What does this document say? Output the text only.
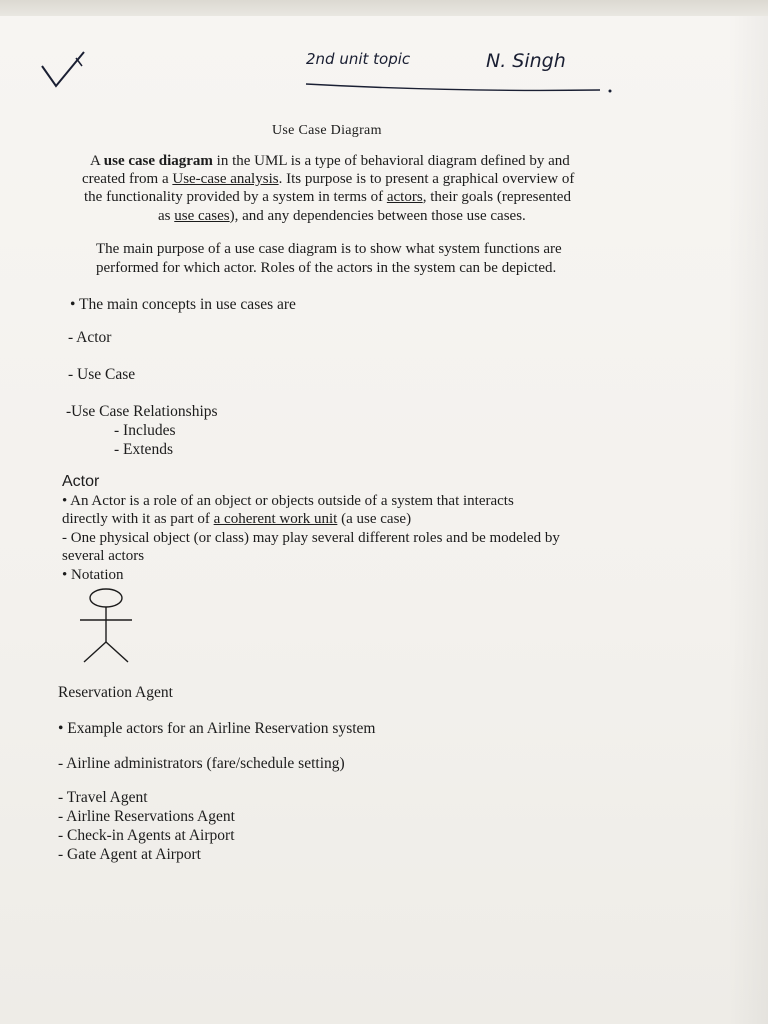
2nd unit topic	N. Singh
Use Case Diagram
A use case diagram in the UML is a type of behavioral diagram defined by and
created from a Use-case analysis. Its purpose is to present a graphical overview of
the functionality provided by a system in terms of actors, their goals (represented
as use cases), and any dependencies between those use cases.
The main purpose of a use case diagram is to show what system functions are
performed for which actor. Roles of the actors in the system can be depicted.
• The main concepts in use cases are
- Actor
- Use Case
-Use Case Relationships
- Includes
- Extends
Actor
• An Actor is a role of an object or objects outside of a system that interacts
directly with it as part of a coherent work unit (a use case)
- One physical object (or class) may play several different roles and be modeled by
several actors
• Notation
Reservation Agent
• Example actors for an Airline Reservation system
- Airline administrators (fare/schedule setting)
- Travel Agent
- Airline Reservations Agent
- Check-in Agents at Airport
- Gate Agent at Airport
